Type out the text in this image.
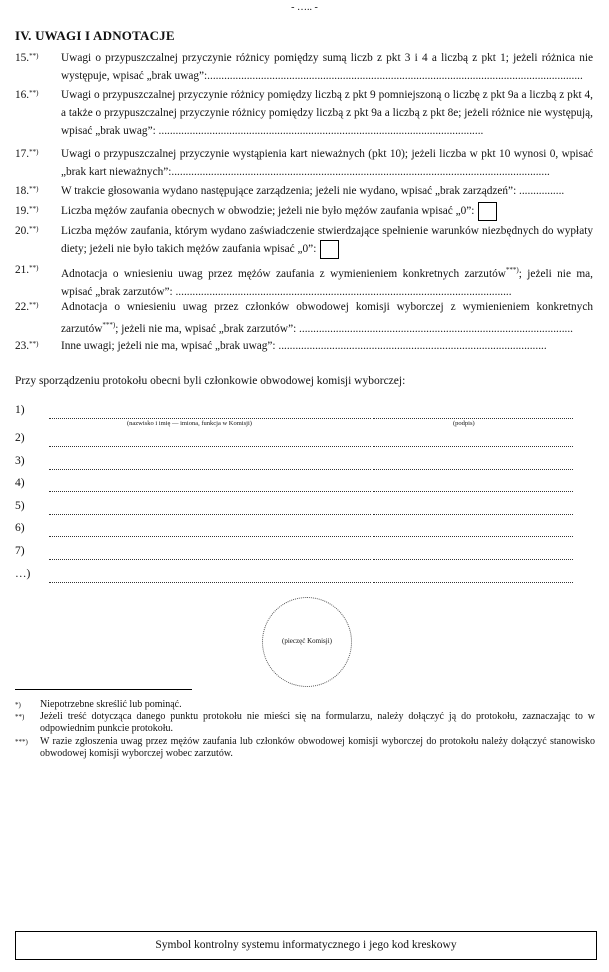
- ….. -
IV. UWAGI I ADNOTACJE
15.**)	Uwagi o przypuszczalnej przyczynie różnicy pomiędzy sumą liczb z pkt 3 i 4 a liczbą z pkt 1; jeżeli różnica nie występuje, wpisać „brak uwag”:.....................................................................................................................................
16.**)	Uwagi o przypuszczalnej przyczynie różnicy pomiędzy liczbą z pkt 9 pomniejszoną o liczbę z pkt 9a a liczbą z pkt 4, a także o przypuszczalnej przyczynie różnicy pomiędzy liczbą z pkt 9a a liczbą z pkt 8e; jeżeli różnice nie występują, wpisać „brak uwag”: ...................................................................................................................
17.**)	Uwagi o przypuszczalnej przyczynie wystąpienia kart nieważnych (pkt 10); jeżeli liczba w pkt 10 wynosi 0, wpisać „brak kart nieważnych”:......................................................................................................................................
18.**)	W trakcie głosowania wydano następujące zarządzenia; jeżeli nie wydano, wpisać „brak zarządzeń”: ................
19.**)	Liczba mężów zaufania obecnych w obwodzie; jeżeli nie było mężów zaufania wpisać „0”:
20.**)	Liczba mężów zaufania, którym wydano zaświadczenie stwierdzające spełnienie warunków niezbędnych do wypłaty diety; jeżeli nie było takich mężów zaufania wpisać „0”:
21.**)	Adnotacja o wniesieniu uwag przez mężów zaufania z wymienieniem konkretnych zarzutów***); jeżeli nie ma, wpisać „brak zarzutów”: .......................................................................................................................
22.**)	Adnotacja o wniesieniu uwag przez członków obwodowej komisji wyborczej z wymienieniem konkretnych zarzutów***); jeżeli nie ma, wpisać „brak zarzutów”: .................................................................................................
23.**)	Inne uwagi; jeżeli nie ma, wpisać „brak uwag”: ...............................................................................................
Przy sporządzeniu protokołu obecni byli członkowie obwodowej komisji wyborczej:
1)
(nazwisko i imię — imiona, funkcja w Komisji)	(podpis)
2)
3)
4)
5)
6)
7)
…)
(pieczęć Komisji)
*) Niepotrzebne skreślić lub pominąć.
**) Jeżeli treść dotycząca danego punktu protokołu nie mieści się na formularzu, należy dołączyć ją do protokołu, zaznaczając to w odpowiednim punkcie protokołu.
***) W razie zgłoszenia uwag przez mężów zaufania lub członków obwodowej komisji wyborczej do protokołu należy dołączyć stanowisko obwodowej komisji wyborczej wobec zarzutów.
Symbol kontrolny systemu informatycznego i jego kod kreskowy
